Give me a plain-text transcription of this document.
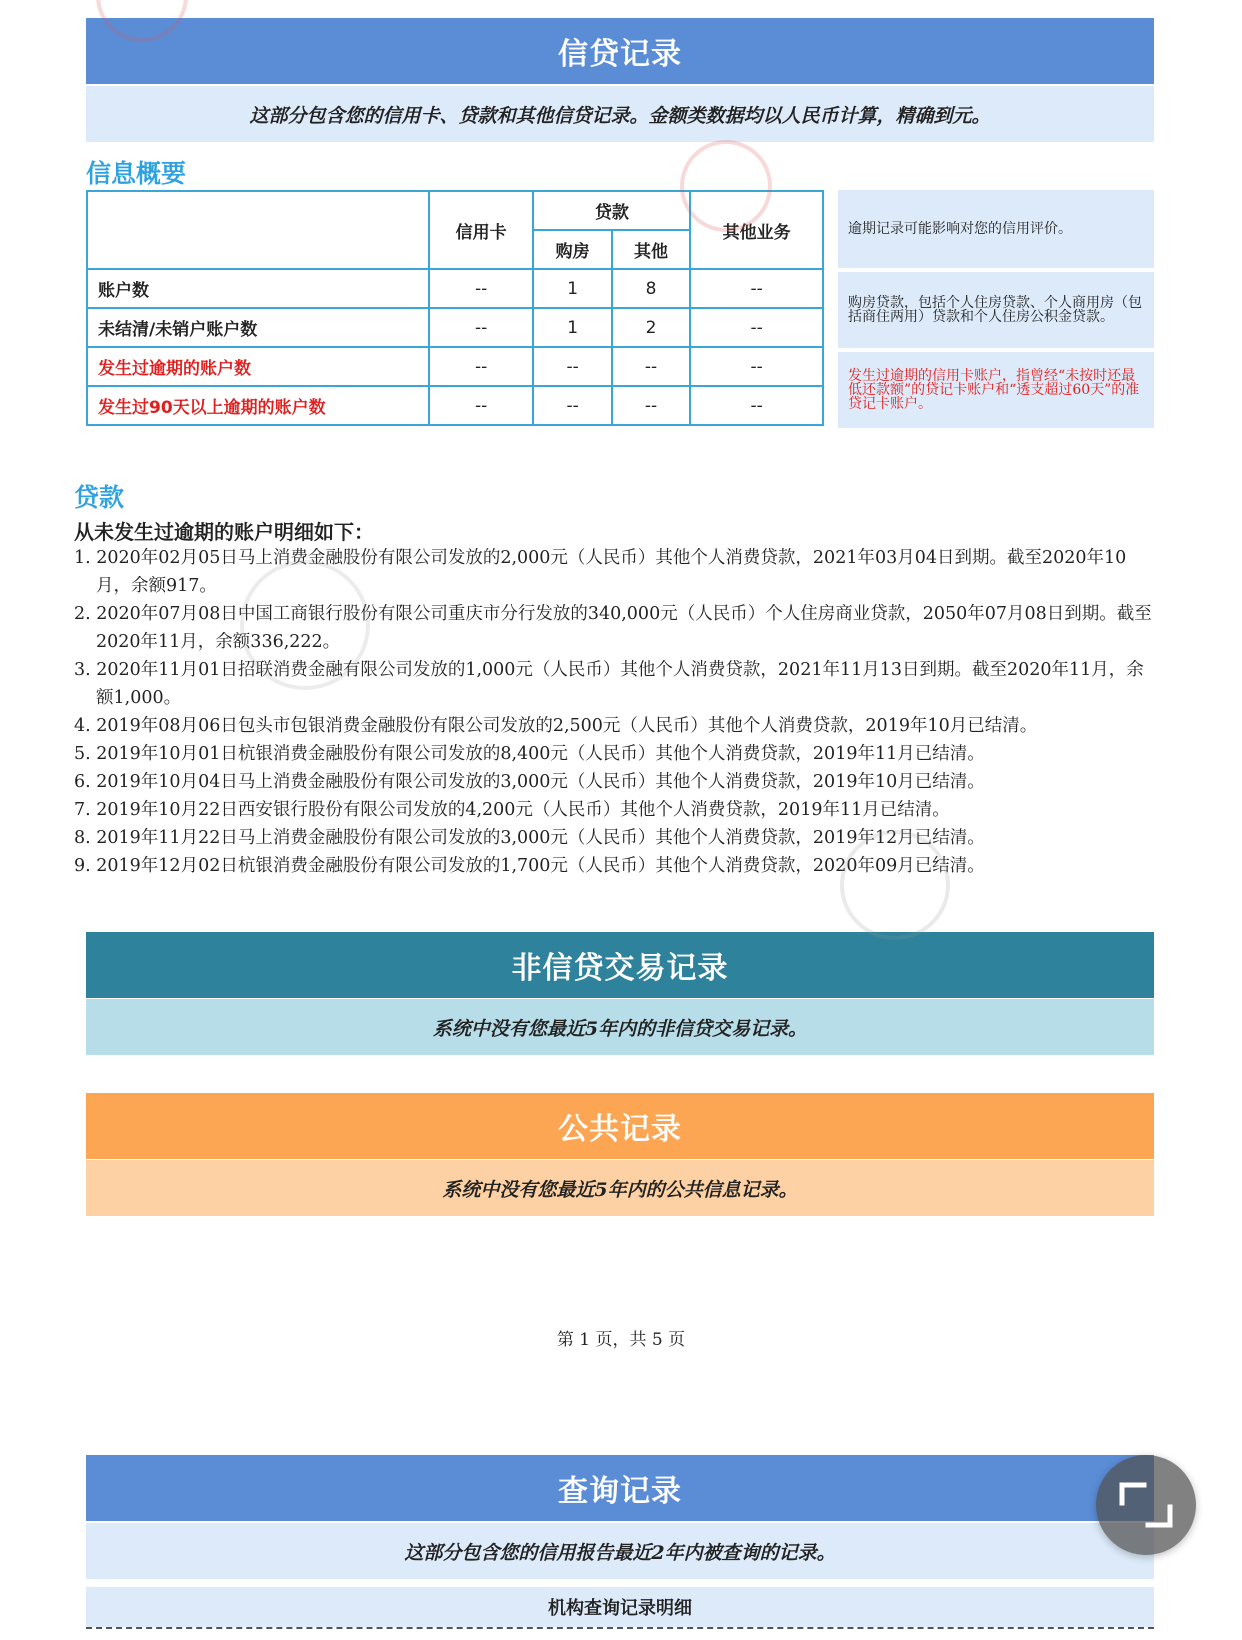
信贷记录
这部分包含您的信用卡、贷款和其他信贷记录。金额类数据均以人民币计算，精确到元。
信息概要
	信用卡	贷款		其他业务
		购房	其他	
账户数	--	1	8	--
未结清/未销户账户数	--	1	2	--
发生过逾期的账户数	--	--	--	--
发生过90天以上逾期的账户数	--	--	--	--
逾期记录可能影响对您的信用评价。
购房贷款，包括个人住房贷款、个人商用房（包括商住两用）贷款和个人住房公积金贷款。
发生过逾期的信用卡账户，指曾经“未按时还最低还款额”的贷记卡账户和“透支超过60天”的准贷记卡账户。
贷款
从未发生过逾期的账户明细如下：
1. 2020年02月05日马上消费金融股份有限公司发放的2,000元（人民币）其他个人消费贷款，2021年03月04日到期。截至2020年10月，余额917。
2. 2020年07月08日中国工商银行股份有限公司重庆市分行发放的340,000元（人民币）个人住房商业贷款，2050年07月08日到期。截至2020年11月，余额336,222。
3. 2020年11月01日招联消费金融有限公司发放的1,000元（人民币）其他个人消费贷款，2021年11月13日到期。截至2020年11月，余额1,000。
4. 2019年08月06日包头市包银消费金融股份有限公司发放的2,500元（人民币）其他个人消费贷款，2019年10月已结清。
5. 2019年10月01日杭银消费金融股份有限公司发放的8,400元（人民币）其他个人消费贷款，2019年11月已结清。
6. 2019年10月04日马上消费金融股份有限公司发放的3,000元（人民币）其他个人消费贷款，2019年10月已结清。
7. 2019年10月22日西安银行股份有限公司发放的4,200元（人民币）其他个人消费贷款，2019年11月已结清。
8. 2019年11月22日马上消费金融股份有限公司发放的3,000元（人民币）其他个人消费贷款，2019年12月已结清。
9. 2019年12月02日杭银消费金融股份有限公司发放的1,700元（人民币）其他个人消费贷款，2020年09月已结清。
非信贷交易记录
系统中没有您最近5年内的非信贷交易记录。
公共记录
系统中没有您最近5年内的公共信息记录。
第 1 页，共 5 页
查询记录
这部分包含您的信用报告最近2年内被查询的记录。
机构查询记录明细
